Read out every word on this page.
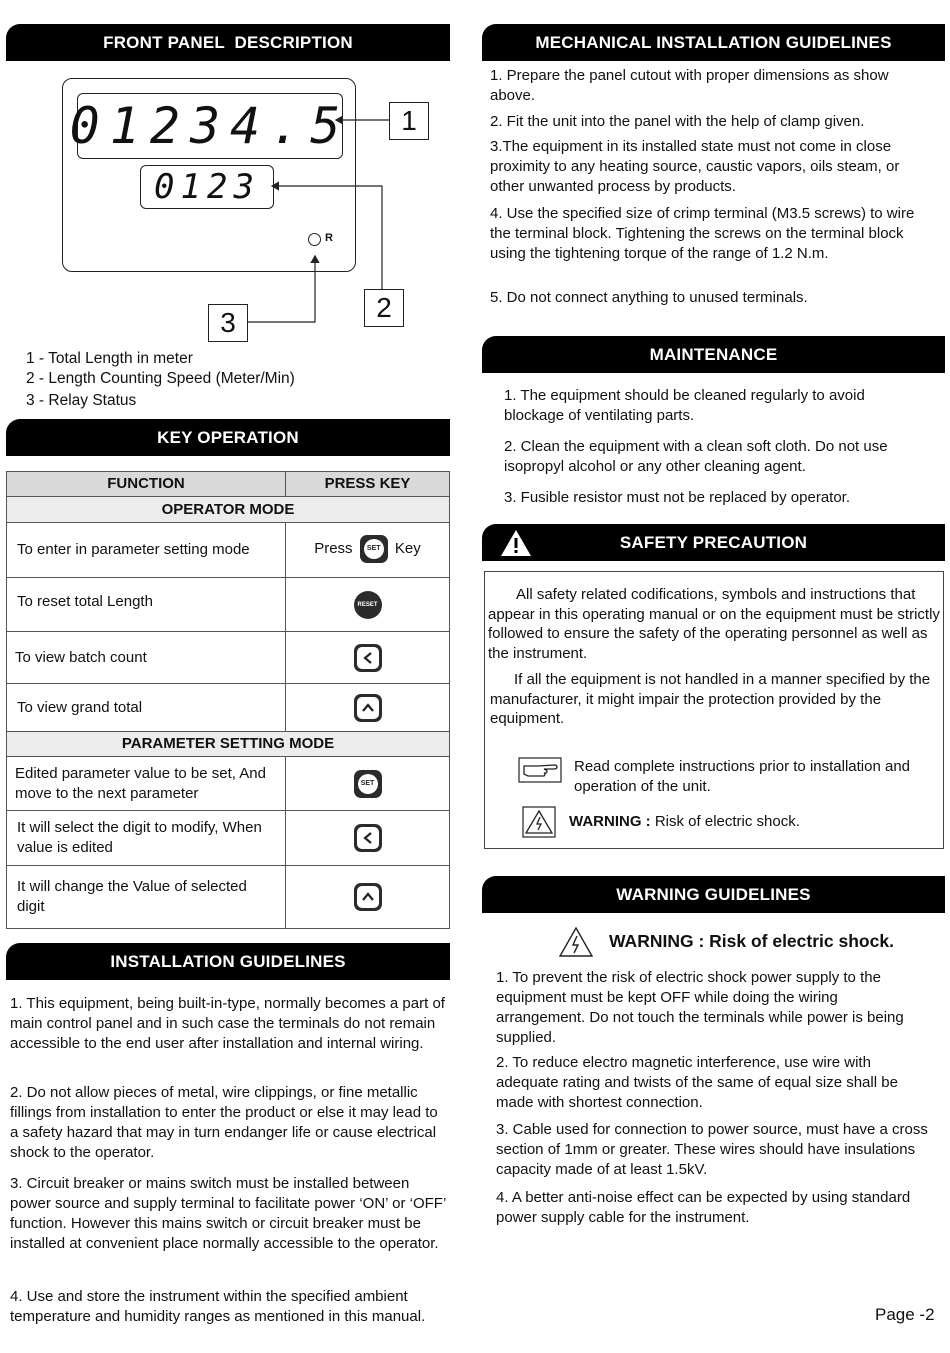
FRONT PANEL  DESCRIPTION
01234.5
0123
R
1
2
3
1 - Total Length in meter
2 - Length Counting Speed (Meter/Min)
3 - Relay Status
KEY OPERATION
FUNCTION	PRESS KEY
OPERATOR MODE	
To enter in parameter setting mode	Press SET Key
To reset total Length	RESET

To view batch count	

To view grand total	

PARAMETER SETTING MODE	
Edited parameter value to be set, And move to the next parameter	SET

It will select the digit to modify, When value is edited	

It will change the Value of selected digit	
INSTALLATION GUIDELINES
1. This equipment, being built-in-type, normally becomes a part of main control panel and in such case the terminals do not remain accessible to the end user after installation and internal wiring.
2. Do not allow pieces of metal, wire clippings, or fine metallic fillings from installation to enter the product or else it may lead to a safety hazard that may in turn endanger life or cause electrical shock to the operator.
3. Circuit breaker or mains switch must be installed between power source and supply terminal to facilitate power ‘ON’ or ‘OFF’ function. However this mains switch or circuit breaker must be installed at convenient place normally accessible to the operator.
4. Use and store the instrument within the specified ambient temperature and humidity ranges as mentioned in this manual.
MECHANICAL INSTALLATION GUIDELINES
1. Prepare the panel cutout with proper dimensions as show above.
2. Fit the unit into the panel with the help of clamp given.
3.The equipment in its installed state must not come in close proximity to any heating source, caustic vapors, oils steam, or other unwanted process by products.
4. Use the specified size of crimp terminal (M3.5 screws) to wire the terminal block. Tightening the screws on the terminal block using the tightening torque of the range of 1.2 N.m.
5. Do not connect anything to unused terminals.
MAINTENANCE
1. The equipment should be cleaned regularly to avoid blockage of ventilating parts.
2. Clean the equipment with a clean soft cloth. Do not use isopropyl alcohol or any other cleaning agent.
3. Fusible resistor must not be replaced by operator.
SAFETY PRECAUTION

All safety related codifications, symbols and instructions that appear in this operating manual or on the equipment must be strictly followed to ensure the safety of the operating personnel as well as the instrument.

If all the equipment is not handled in a manner specified by the manufacturer, it might impair the protection provided by the equipment.

Read complete instructions prior to installation and operation of the unit.
WARNING : Risk of electric shock.
WARNING GUIDELINES
WARNING : Risk of electric shock.
1. To prevent the risk of electric shock power supply to the equipment must be kept OFF while doing the wiring arrangement. Do not touch the terminals while power is being supplied.
2. To reduce electro magnetic interference, use wire with adequate rating and twists of the same of equal size shall be made with shortest connection.
3. Cable used for connection to power source, must have a cross section of 1mm or greater. These wires should have insulations capacity made of at least 1.5kV.
4. A better anti-noise effect can be expected by using standard power supply cable for the instrument.
Page -2
